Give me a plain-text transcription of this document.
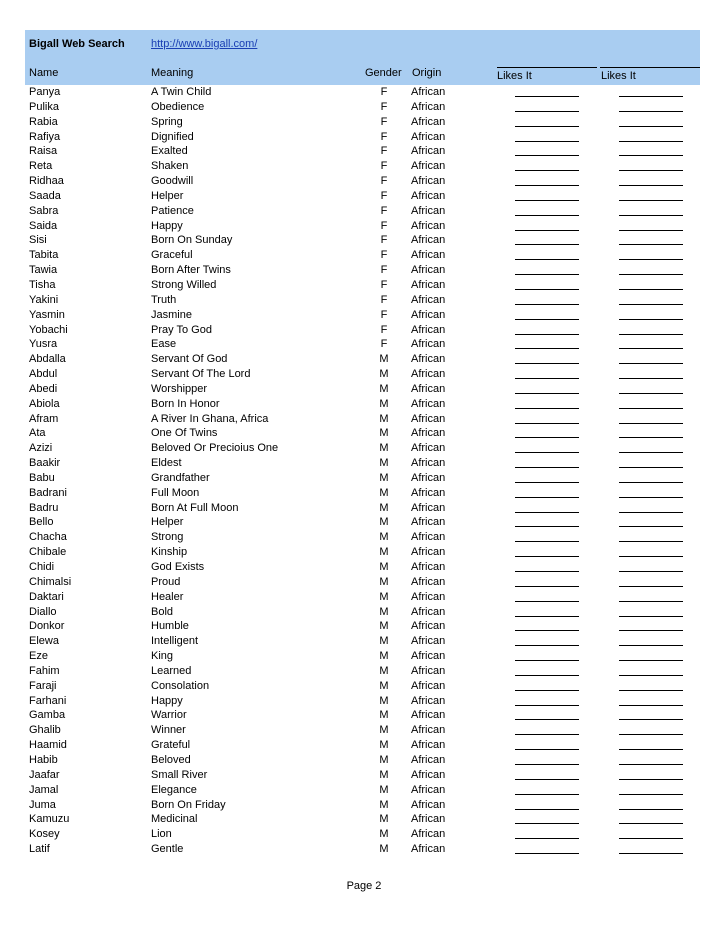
Bigall Web Search http://www.bigall.com/
Name	Meaning	Gender Origin	Likes It	Likes It
Panya	A Twin Child	F	African
Pulika	Obedience	F	African
Rabia	Spring	F	African
Rafiya	Dignified	F	African
Raisa	Exalted	F	African
Reta	Shaken	F	African
Ridhaa	Goodwill	F	African
Saada	Helper	F	African
Sabra	Patience	F	African
Saida	Happy	F	African
Sisi	Born On Sunday	F	African
Tabita	Graceful	F	African
Tawia	Born After Twins	F	African
Tisha	Strong Willed	F	African
Yakini	Truth	F	African
Yasmin	Jasmine	F	African
Yobachi	Pray To God	F	African
Yusra	Ease	F	African
Abdalla	Servant Of God	M African
Abdul	Servant Of The Lord	M African
Abedi	Worshipper	M African
Abiola	Born In Honor	M African
Afram	A River In Ghana, Africa	M African
Ata	One Of Twins	M African
Azizi	Beloved Or Precioius One	M African
Baakir	Eldest	M African
Babu	Grandfather	M African
Badrani	Full Moon	M African
Badru	Born At Full Moon	M African
Bello	Helper	M African
Chacha	Strong	M African
Chibale	Kinship	M African
Chidi	God Exists	M African
Chimalsi	Proud	M African
Daktari	Healer	M African
Diallo	Bold	M African
Donkor	Humble	M African
Elewa	Intelligent	M African
Eze	King	M African
Fahim	Learned	M African
Faraji	Consolation	M African
Farhani	Happy	M African
Gamba	Warrior	M African
Ghalib	Winner	M African
Haamid	Grateful	M African
Habib	Beloved	M African
Jaafar	Small River	M African
Jamal	Elegance	M African
Juma	Born On Friday	M African
Kamuzu	Medicinal	M African
Kosey	Lion	M African
Latif	Gentle	M African
Page 2
